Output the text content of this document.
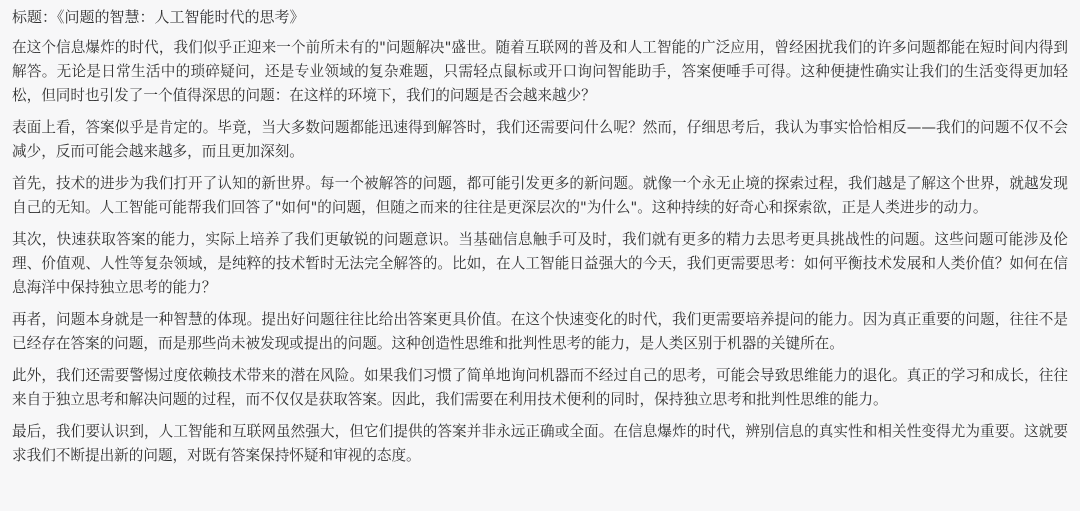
标题：《问题的智慧：人工智能时代的思考》

在这个信息爆炸的时代，我们似乎正迎来一个前所未有的"问题解决"盛世。随着互联网的普及和人工智能的广泛应用，曾经困扰我们的许多问题都能在短时间内得到解答。无论是日常生活中的琐碎疑问，还是专业领域的复杂难题，只需轻点鼠标或开口询问智能助手，答案便唾手可得。这种便捷性确实让我们的生活变得更加轻松，但同时也引发了一个值得深思的问题：在这样的环境下，我们的问题是否会越来越少？

表面上看，答案似乎是肯定的。毕竟，当大多数问题都能迅速得到解答时，我们还需要问什么呢？然而，仔细思考后，我认为事实恰恰相反——我们的问题不仅不会减少，反而可能会越来越多，而且更加深刻。

首先，技术的进步为我们打开了认知的新世界。每一个被解答的问题，都可能引发更多的新问题。就像一个永无止境的探索过程，我们越是了解这个世界，就越发现自己的无知。人工智能可能帮我们回答了"如何"的问题，但随之而来的往往是更深层次的"为什么"。这种持续的好奇心和探索欲，正是人类进步的动力。

其次，快速获取答案的能力，实际上培养了我们更敏锐的问题意识。当基础信息触手可及时，我们就有更多的精力去思考更具挑战性的问题。这些问题可能涉及伦理、价值观、人性等复杂领域，是纯粹的技术暂时无法完全解答的。比如，在人工智能日益强大的今天，我们更需要思考：如何平衡技术发展和人类价值？如何在信息海洋中保持独立思考的能力？

再者，问题本身就是一种智慧的体现。提出好问题往往比给出答案更具价值。在这个快速变化的时代，我们更需要培养提问的能力。因为真正重要的问题，往往不是已经存在答案的问题，而是那些尚未被发现或提出的问题。这种创造性思维和批判性思考的能力，是人类区别于机器的关键所在。

此外，我们还需要警惕过度依赖技术带来的潜在风险。如果我们习惯了简单地询问机器而不经过自己的思考，可能会导致思维能力的退化。真正的学习和成长，往往来自于独立思考和解决问题的过程，而不仅仅是获取答案。因此，我们需要在利用技术便利的同时，保持独立思考和批判性思维的能力。

最后，我们要认识到，人工智能和互联网虽然强大，但它们提供的答案并非永远正确或全面。在信息爆炸的时代，辨别信息的真实性和相关性变得尤为重要。这就要求我们不断提出新的问题，对既有答案保持怀疑和审视的态度。
